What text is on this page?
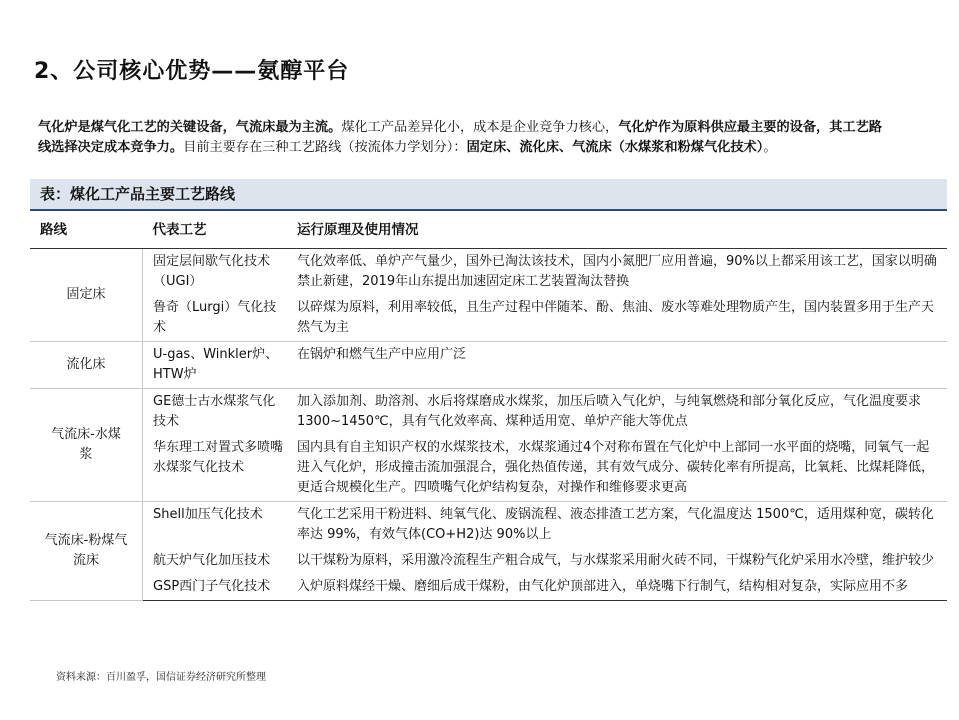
2、公司核心优势——氨醇平台
气化炉是煤气化工艺的关键设备，气流床最为主流。煤化工产品差异化小，成本是企业竞争力核心，气化炉作为原料供应最主要的设备，其工艺路线选择决定成本竞争力。目前主要存在三种工艺路线（按流体力学划分）：固定床、流化床、气流床（水煤浆和粉煤气化技术）。
表：煤化工产品主要工艺路线
路线	代表工艺	运行原理及使用情况
固定床	固定层间歇气化技术（UGI）	气化效率低、单炉产气量少，国外已淘汰该技术，国内小氮肥厂应用普遍，90%以上都采用该工艺，国家以明确禁止新建，2019年山东提出加速固定床工艺装置淘汰替换
	鲁奇（Lurgi）气化技术	以碎煤为原料，利用率较低，且生产过程中伴随苯、酚、焦油、废水等难处理物质产生，国内装置多用于生产天然气为主
流化床	U-gas、Winkler炉、HTW炉	在锅炉和燃气生产中应用广泛
气流床-水煤浆	GE德士古水煤浆气化技术	加入添加剂、助溶剂、水后将煤磨成水煤浆，加压后喷入气化炉，与纯氧燃烧和部分氧化反应，气化温度要求1300~1450℃，具有气化效率高、煤种适用宽、单炉产能大等优点
	华东理工对置式多喷嘴水煤浆气化技术	国内具有自主知识产权的水煤浆技术，水煤浆通过4个对称布置在气化炉中上部同一水平面的烧嘴，同氧气一起进入气化炉，形成撞击流加强混合，强化热值传递，其有效气成分、碳转化率有所提高，比氧耗、比煤耗降低，更适合规模化生产。四喷嘴气化炉结构复杂，对操作和维修要求更高
气流床-粉煤气流床	Shell加压气化技术	气化工艺采用干粉进料、纯氧气化、废锅流程、液态排渣工艺方案，气化温度达 1500℃，适用煤种宽，碳转化率达 99%，有效气体(CO+H2)达 90%以上
	航天炉气化加压技术	以干煤粉为原料，采用激冷流程生产粗合成气，与水煤浆采用耐火砖不同，干煤粉气化炉采用水冷壁，维护较少
	GSP西门子气化技术	入炉原料煤经干燥、磨细后成干煤粉，由气化炉顶部进入，单烧嘴下行制气，结构相对复杂，实际应用不多
资料来源：百川盈孚，国信证券经济研究所整理
